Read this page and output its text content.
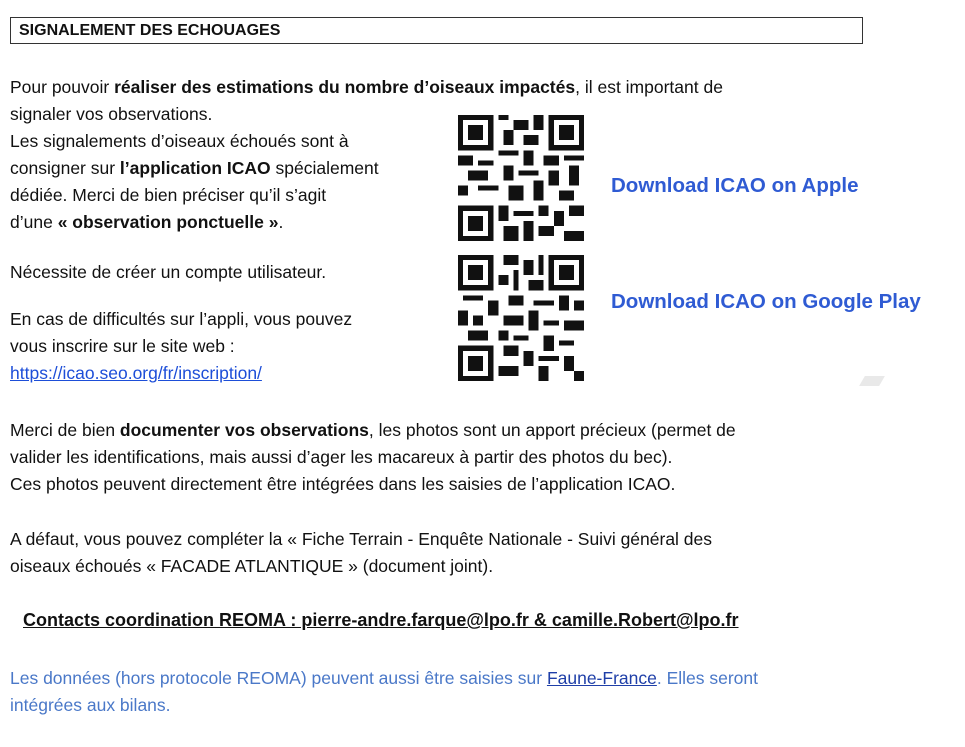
SIGNALEMENT DES ECHOUAGES

Pour pouvoir réaliser des estimations du nombre d’oiseaux impactés, il est important de
signaler vos observations.

Les signalements d’oiseaux échoués sont à
consigner sur l’application ICAO spécialement
dédiée. Merci de bien préciser qu’il s’agit
d’une « observation ponctuelle ».

Nécessite de créer un compte utilisateur.

En cas de difficultés sur l’appli, vous pouvez
vous inscrire sur le site web :
https://icao.seo.org/fr/inscription/

Download ICAO on Apple
Download ICAO on Google Play

Merci de bien documenter vos observations, les photos sont un apport précieux (permet de
valider les identifications, mais aussi d’ager les macareux à partir des photos du bec).
Ces photos peuvent directement être intégrées dans les saisies de l’application ICAO.

A défaut, vous pouvez compléter la « Fiche Terrain - Enquête Nationale - Suivi général des
oiseaux échoués « FACADE ATLANTIQUE » (document joint).

Contacts coordination REOMA : pierre-andre.farque@lpo.fr & camille.Robert@lpo.fr

Les données (hors protocole REOMA) peuvent aussi être saisies sur Faune-France. Elles seront
intégrées aux bilans.
